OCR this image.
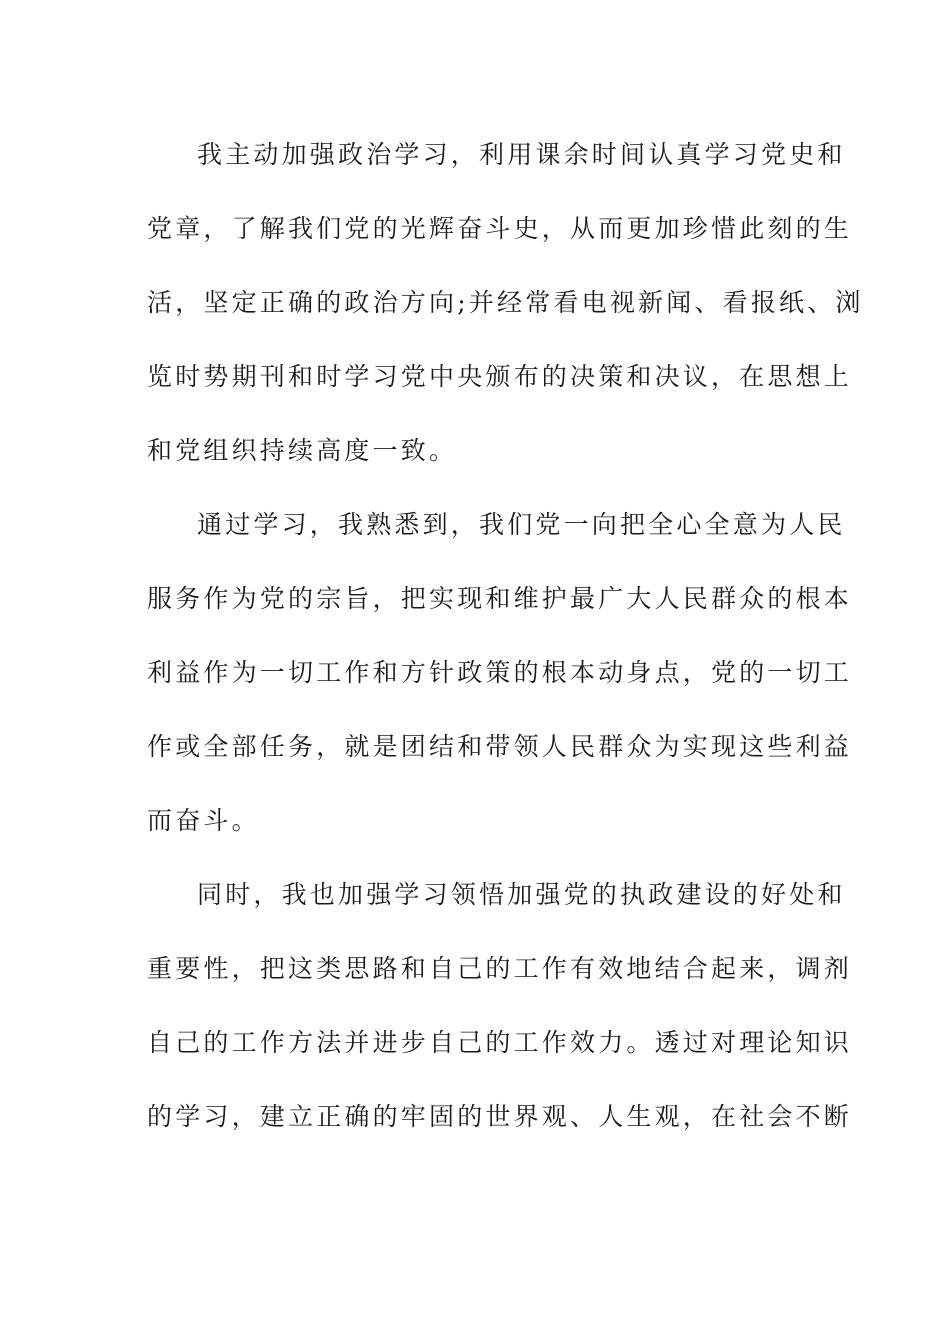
我主动加强政治学习，利用课余时间认真学习党史和
党章，了解我们党的光辉奋斗史，从而更加珍惜此刻的生
活，坚定正确的政治方向;并经常看电视新闻、看报纸、浏
览时势期刊和时学习党中央颁布的决策和决议，在思想上
和党组织持续高度一致。
通过学习，我熟悉到，我们党一向把全心全意为人民
服务作为党的宗旨，把实现和维护最广大人民群众的根本
利益作为一切工作和方针政策的根本动身点，党的一切工
作或全部任务，就是团结和带领人民群众为实现这些利益
而奋斗。
同时，我也加强学习领悟加强党的执政建设的好处和
重要性，把这类思路和自己的工作有效地结合起来，调剂
自己的工作方法并进步自己的工作效力。透过对理论知识
的学习，建立正确的牢固的世界观、人生观，在社会不断
